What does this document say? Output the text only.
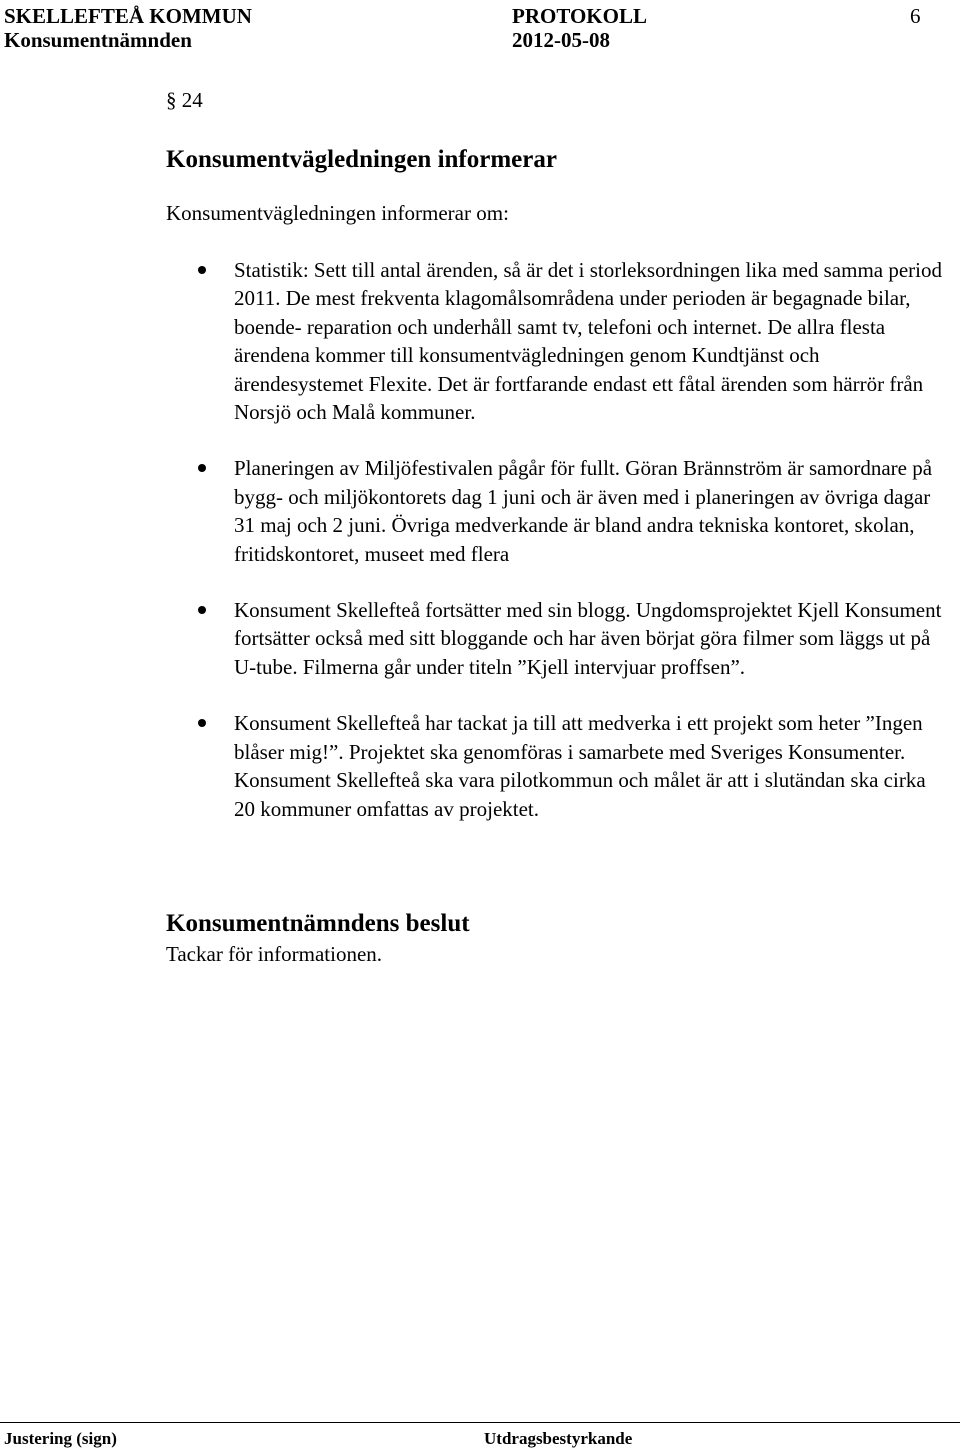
SKELLEFTEÅ KOMMUN
Konsumentnämnden
PROTOKOLL
2012-05-08
6
§ 24
Konsumentvägledningen informerar

Konsumentvägledningen informerar om:

Statistik: Sett till antal ärenden, så är det i storleksordningen lika med samma period 2011. De mest frekventa klagomålsområdena under perioden är begagnade bilar, boende- reparation och underhåll samt tv, telefoni och internet. De allra flesta ärendena kommer till konsumentvägledningen genom Kundtjänst och ärendesystemet Flexite. Det är fortfarande endast ett fåtal ärenden som härrör från Norsjö och Malå kommuner.
Planeringen av Miljöfestivalen pågår för fullt. Göran Brännström är samordnare på bygg- och miljökontorets dag 1 juni och är även med i planeringen av övriga dagar 31 maj och 2 juni. Övriga medverkande är bland andra tekniska kontoret, skolan, fritidskontoret, museet med flera
Konsument Skellefteå fortsätter med sin blogg. Ungdomsprojektet Kjell Konsument fortsätter också med sitt bloggande och har även börjat göra filmer som läggs ut på U-tube. Filmerna går under titeln ”Kjell intervjuar proffsen”.
Konsument Skellefteå har tackat ja till att medverka i ett projekt som heter ”Ingen blåser mig!”. Projektet ska genomföras i samarbete med Sveriges Konsumenter. Konsument Skellefteå ska vara pilotkommun och målet är att i slutändan ska cirka 20 kommuner omfattas av projektet.
Konsumentnämndens beslut

Tackar för informationen.

Justering (sign)	Utdragsbestyrkande
